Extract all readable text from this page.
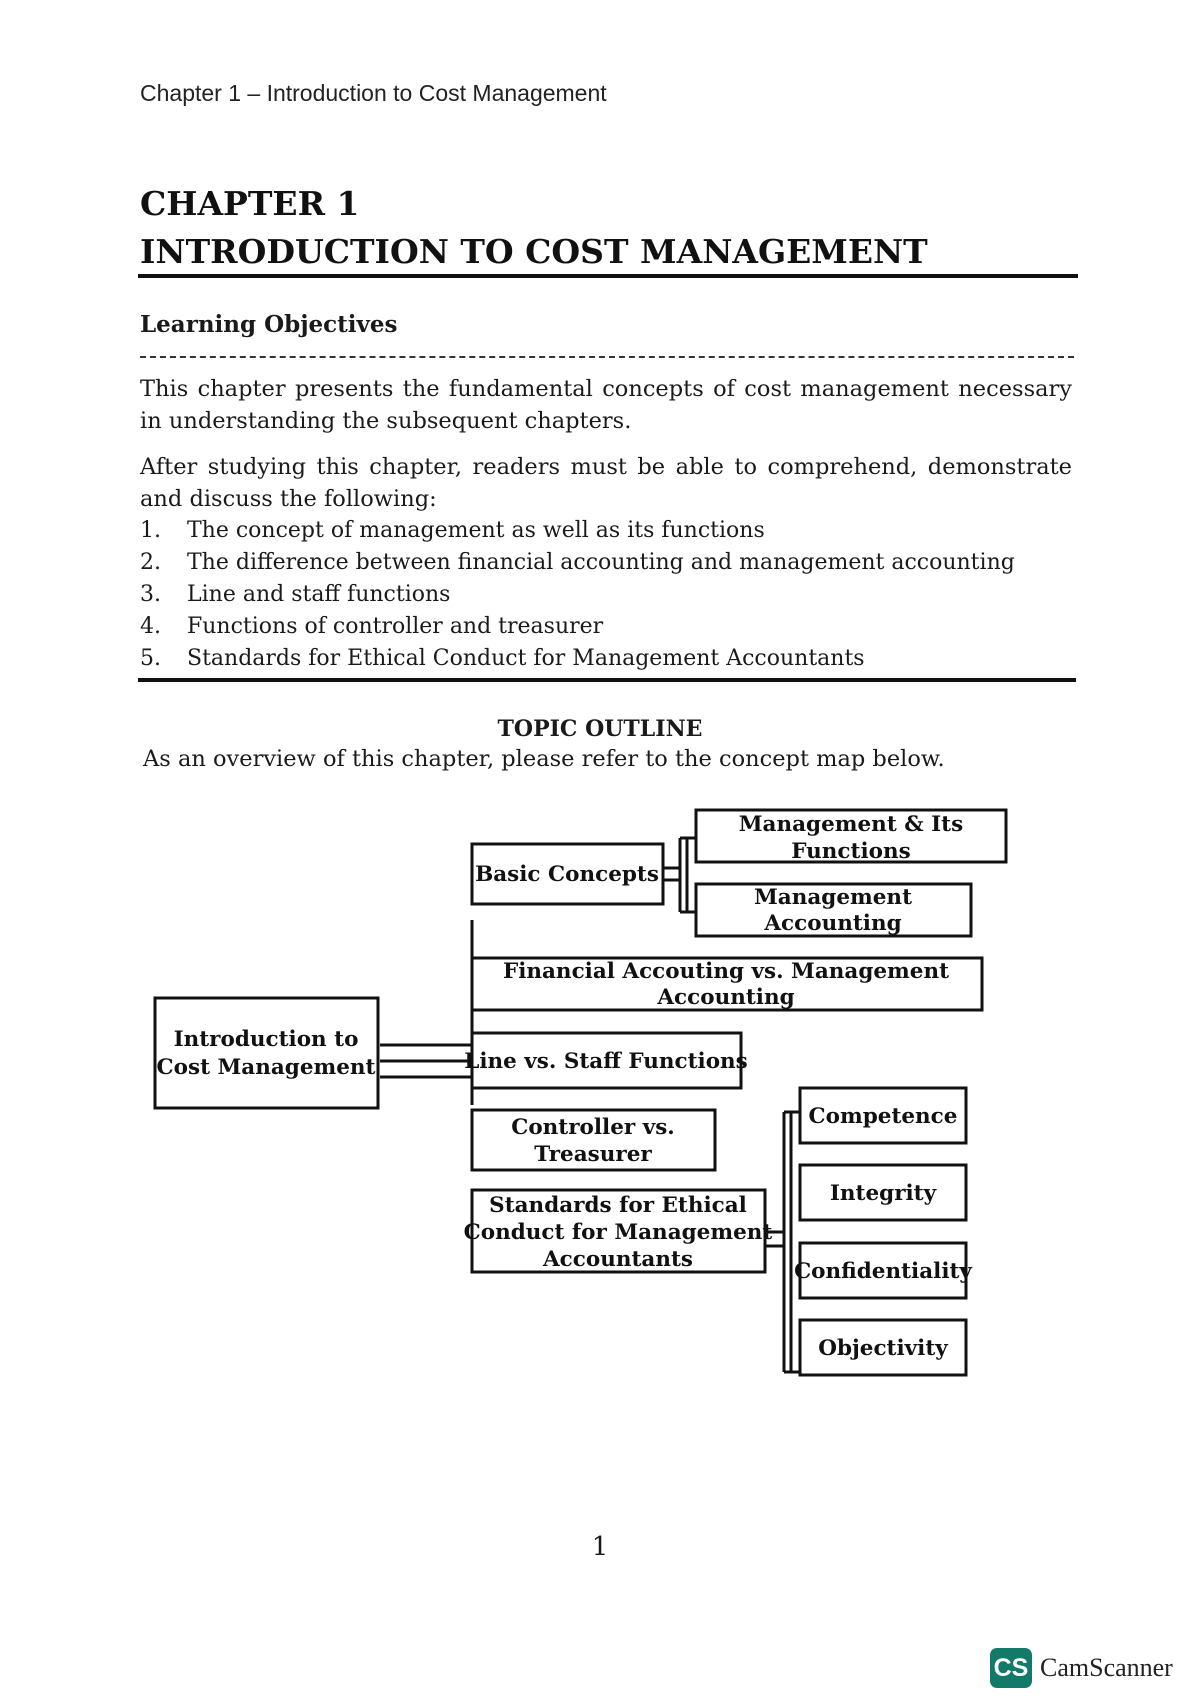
Chapter 1 – Introduction to Cost Management
CHAPTER 1
INTRODUCTION TO COST MANAGEMENT
Learning Objectives
This chapter presents the fundamental concepts of cost management necessary in understanding the subsequent chapters.
After studying this chapter, readers must be able to comprehend, demonstrate and discuss the following:
1.	The concept of management as well as its functions
2.	The difference between financial accounting and management accounting
3.	Line and staff functions
4.	Functions of controller and treasurer
5.	Standards for Ethical Conduct for Management Accountants
TOPIC OUTLINE
As an overview of this chapter, please refer to the concept map below.
Introduction to
Cost Management
Basic Concepts
Management & Its
Functions
Management
Accounting
Financial Accouting vs. Management
Accounting
Line vs. Staff Functions
Controller vs.
Treasurer
Standards for Ethical
Conduct for Management
Accountants
Competence
Integrity
Confidentiality
Objectivity
1
CS CamScanner
